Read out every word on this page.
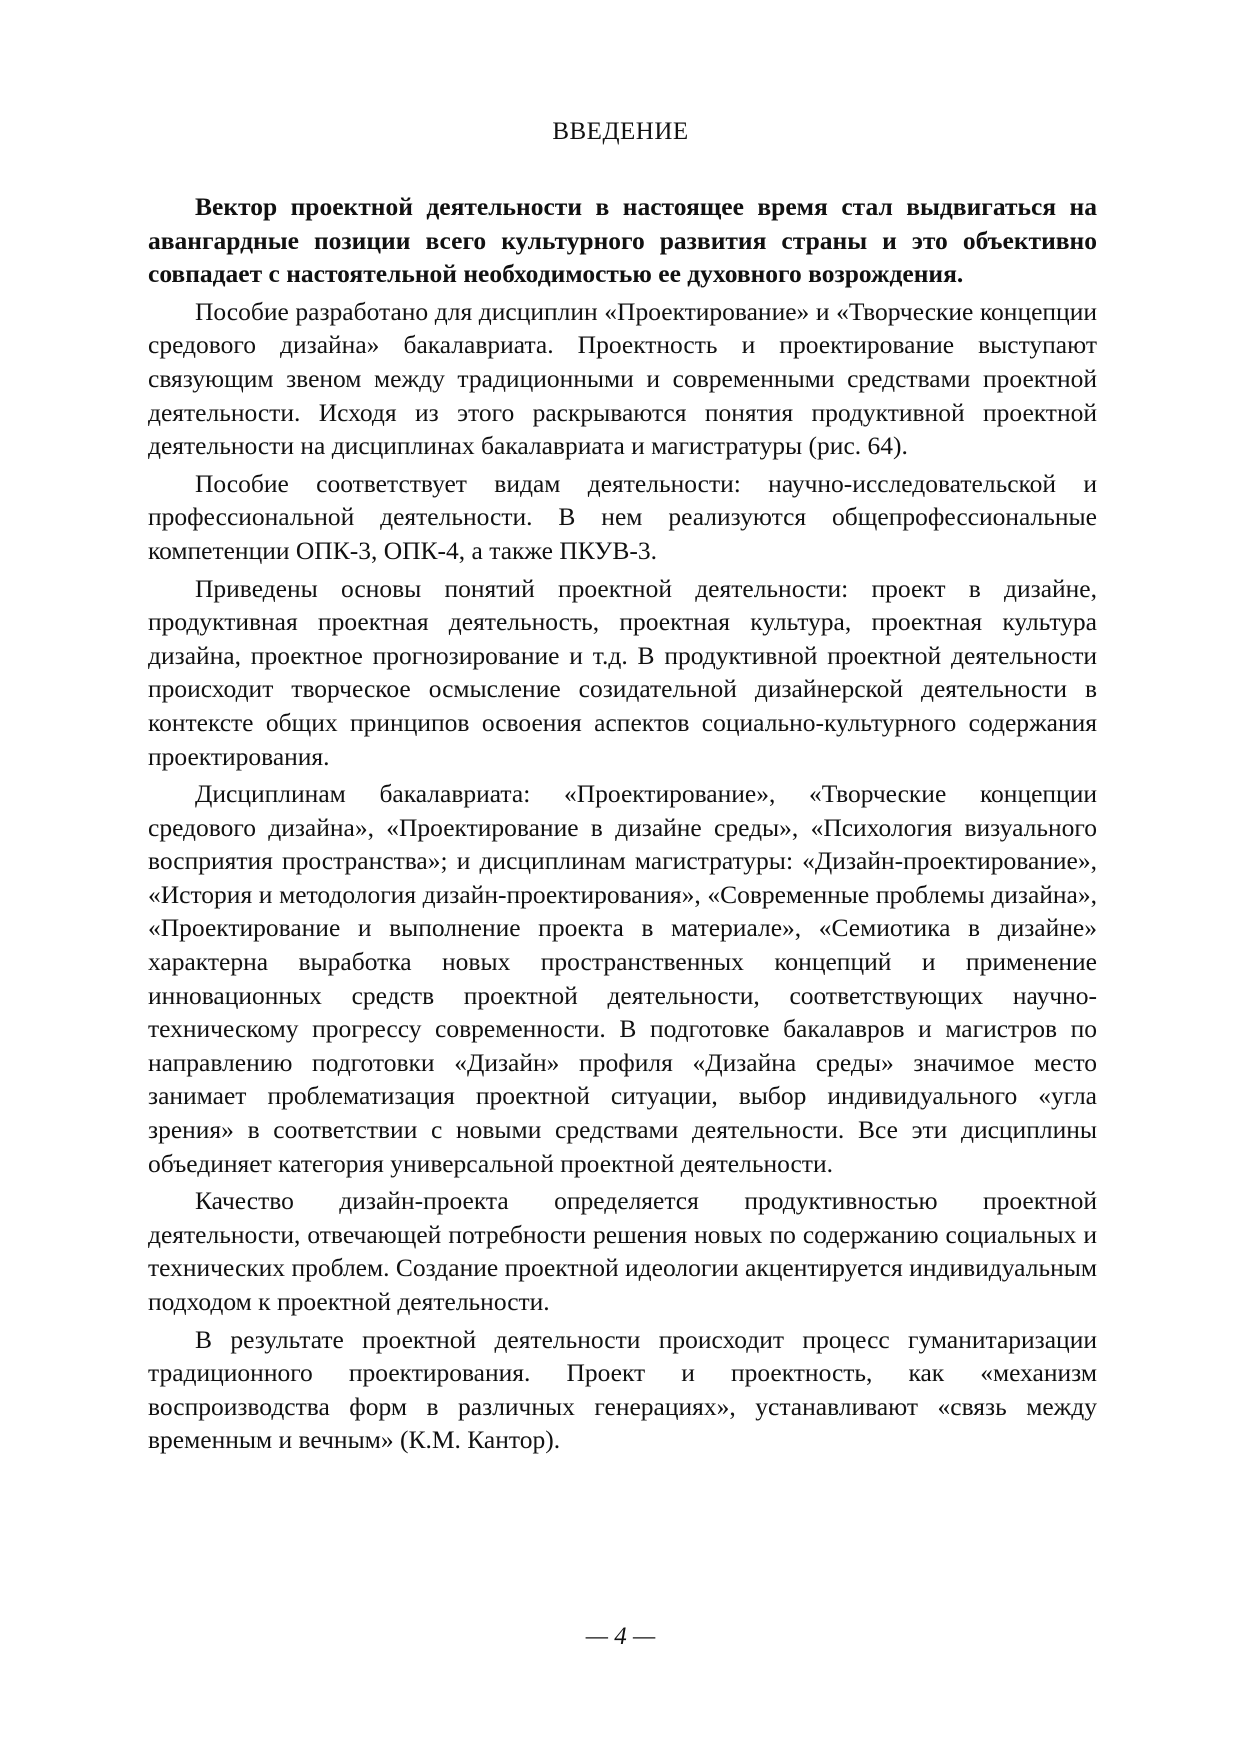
ВВЕДЕНИЕ

Вектор проектной деятельности в настоящее время стал выдвигаться на авангардные позиции всего культурного развития страны и это объективно совпадает с настоятельной необходимостью ее духовного возрождения.

Пособие разработано для дисциплин «Проектирование» и «Творческие концепции средового дизайна» бакалавриата. Проектность и проектирование выступают связующим звеном между традиционными и современными средствами проектной деятельности. Исходя из этого раскрываются понятия продуктивной проектной деятельности на дисциплинах бакалавриата и магистратуры (рис. 64).

Пособие соответствует видам деятельности: научно-исследовательской и профессиональной деятельности. В нем реализуются общепрофессиональные компетенции ОПК-3, ОПК-4, а также ПКУВ-3.

Приведены основы понятий проектной деятельности: проект в дизайне, продуктивная проектная деятельность, проектная культура, проектная культура дизайна, проектное прогнозирование и т.д. В продуктивной проектной деятельности происходит творческое осмысление созидательной дизайнерской деятельности в контексте общих принципов освоения аспектов социально-культурного содержания проектирования.

Дисциплинам бакалавриата: «Проектирование», «Творческие концепции средового дизайна», «Проектирование в дизайне среды», «Психология визуального восприятия пространства»; и дисциплинам магистратуры: «Дизайн-проектирование», «История и методология дизайн-проектирования», «Современные проблемы дизайна», «Проектирование и выполнение проекта в материале», «Семиотика в дизайне» характерна выработка новых пространственных концепций и применение инновационных средств проектной деятельности, соответствующих научно-техническому прогрессу современности. В подготовке бакалавров и магистров по направлению подготовки «Дизайн» профиля «Дизайна среды» значимое место занимает проблематизация проектной ситуации, выбор индивидуального «угла зрения» в соответствии с новыми средствами деятельности. Все эти дисциплины объединяет категория универсальной проектной деятельности.

Качество дизайн-проекта определяется продуктивностью проектной деятельности, отвечающей потребности решения новых по содержанию социальных и технических проблем. Создание проектной идеологии акцентируется индивидуальным подходом к проектной деятельности.

В результате проектной деятельности происходит процесс гуманитаризации традиционного проектирования. Проект и проектность, как «механизм воспроизводства форм в различных генерациях», устанавливают «связь между временным и вечным» (К.М. Кантор).

— 4 —
